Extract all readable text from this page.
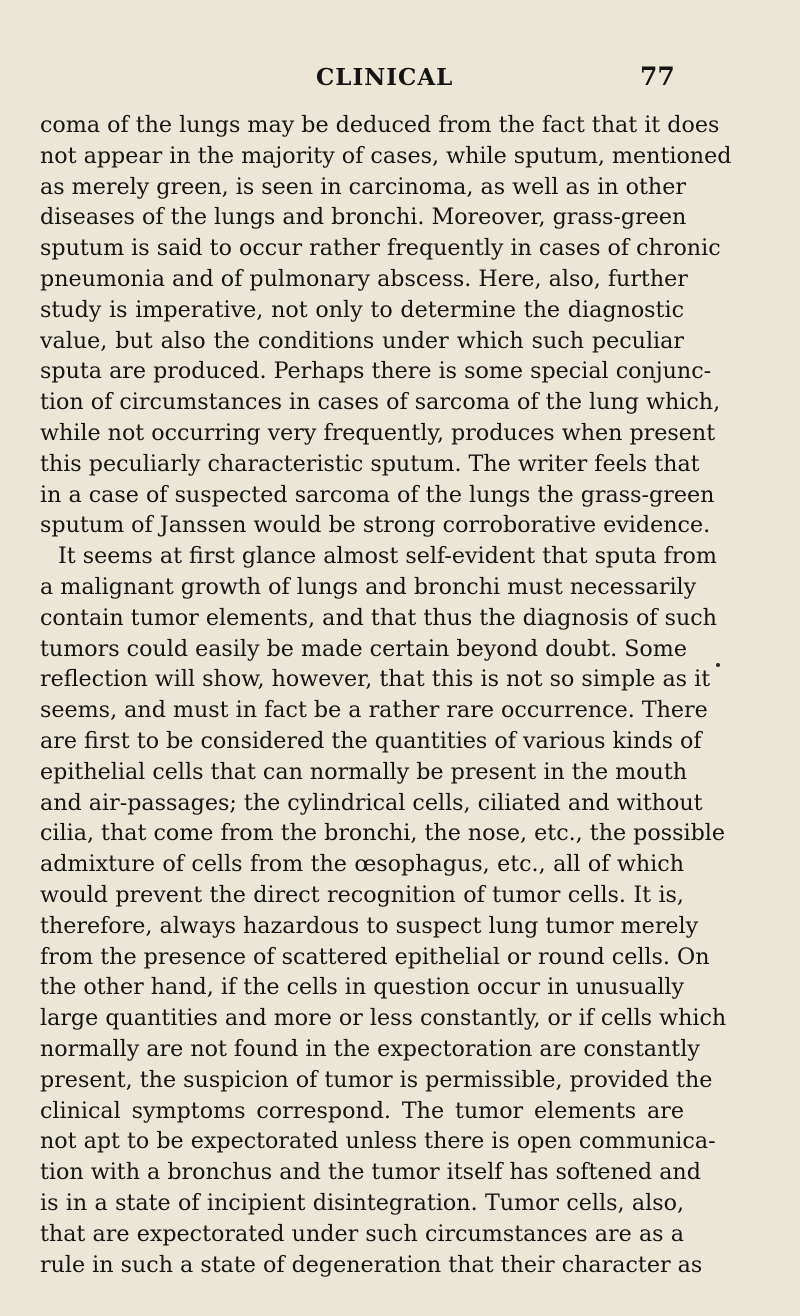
CLINICAL	77
coma of the lungs may be deduced from the fact that it does
not appear in the majority of cases, while sputum, mentioned
as merely green, is seen in carcinoma, as well as in other
diseases of the lungs and bronchi. Moreover, grass-green
sputum is said to occur rather frequently in cases of chronic
pneumonia and of pulmonary abscess. Here, also, further
study is imperative, not only to determine the diagnostic
value, but also the conditions under which such peculiar
sputa are produced. Perhaps there is some special conjunc-
tion of circumstances in cases of sarcoma of the lung which,
while not occurring very frequently, produces when present
this peculiarly characteristic sputum. The writer feels that
in a case of suspected sarcoma of the lungs the grass-green
sputum of Janssen would be strong corroborative evidence.
It seems at first glance almost self-evident that sputa from
a malignant growth of lungs and bronchi must necessarily
contain tumor elements, and that thus the diagnosis of such
tumors could easily be made certain beyond doubt. Some
reflection will show, however, that this is not so simple as it
seems, and must in fact be a rather rare occurrence. There
are first to be considered the quantities of various kinds of
epithelial cells that can normally be present in the mouth
and air-passages; the cylindrical cells, ciliated and without
cilia, that come from the bronchi, the nose, etc., the possible
admixture of cells from the œsophagus, etc., all of which
would prevent the direct recognition of tumor cells. It is,
therefore, always hazardous to suspect lung tumor merely
from the presence of scattered epithelial or round cells. On
the other hand, if the cells in question occur in unusually
large quantities and more or less constantly, or if cells which
normally are not found in the expectoration are constantly
present, the suspicion of tumor is permissible, provided the
clinical symptoms correspond. The tumor elements are
not apt to be expectorated unless there is open communica-
tion with a bronchus and the tumor itself has softened and
is in a state of incipient disintegration. Tumor cells, also,
that are expectorated under such circumstances are as a
rule in such a state of degeneration that their character as
